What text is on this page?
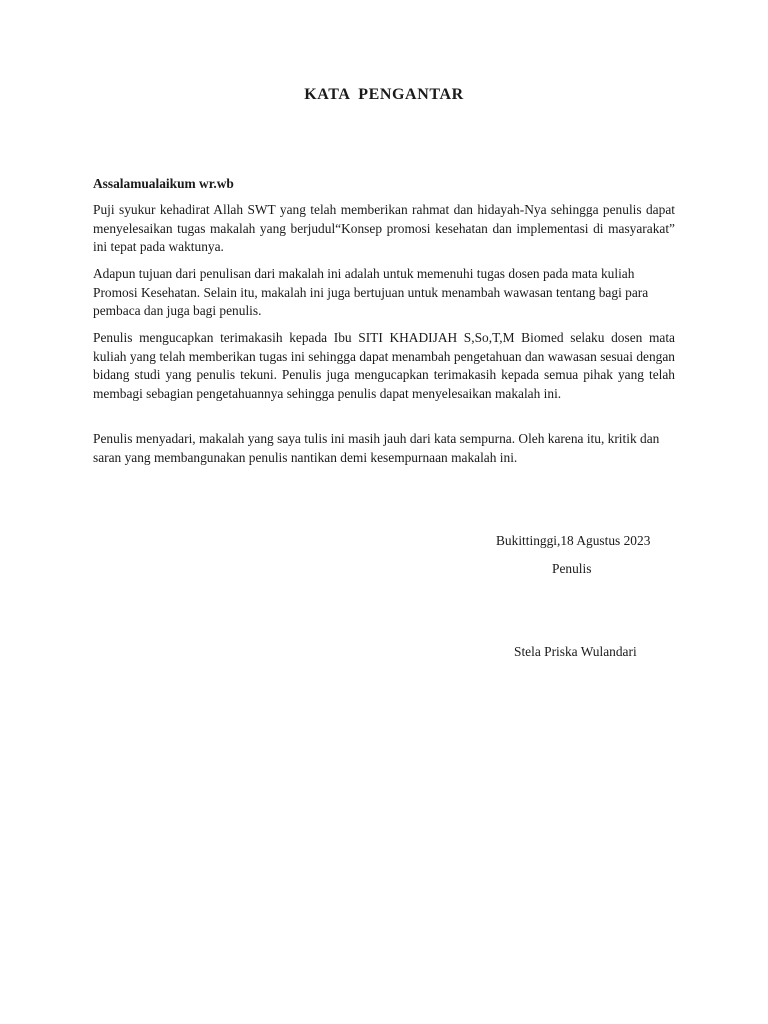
KATA PENGANTAR
Assalamualaikum wr.wb
Puji syukur kehadirat Allah SWT yang telah memberikan rahmat dan hidayah-Nya sehingga penulis dapat menyelesaikan tugas makalah yang berjudul“Konsep promosi kesehatan dan implementasi di masyarakat” ini tepat pada waktunya.
Adapun tujuan dari penulisan dari makalah ini adalah untuk memenuhi tugas dosen pada mata kuliah Promosi Kesehatan. Selain itu, makalah ini juga bertujuan untuk menambah wawasan tentang bagi para pembaca dan juga bagi penulis.
Penulis mengucapkan terimakasih kepada Ibu SITI KHADIJAH S,So,T,M Biomed selaku dosen mata kuliah yang telah memberikan tugas ini sehingga dapat menambah pengetahuan dan wawasan sesuai dengan bidang studi yang penulis tekuni. Penulis juga mengucapkan terimakasih kepada semua pihak yang telah membagi sebagian pengetahuannya sehingga penulis dapat menyelesaikan makalah ini.
Penulis menyadari, makalah yang saya tulis ini masih jauh dari kata sempurna. Oleh karena itu, kritik dan saran yang membangunakan penulis nantikan demi kesempurnaan makalah ini.
Bukittinggi,18 Agustus 2023
Penulis
Stela Priska Wulandari
